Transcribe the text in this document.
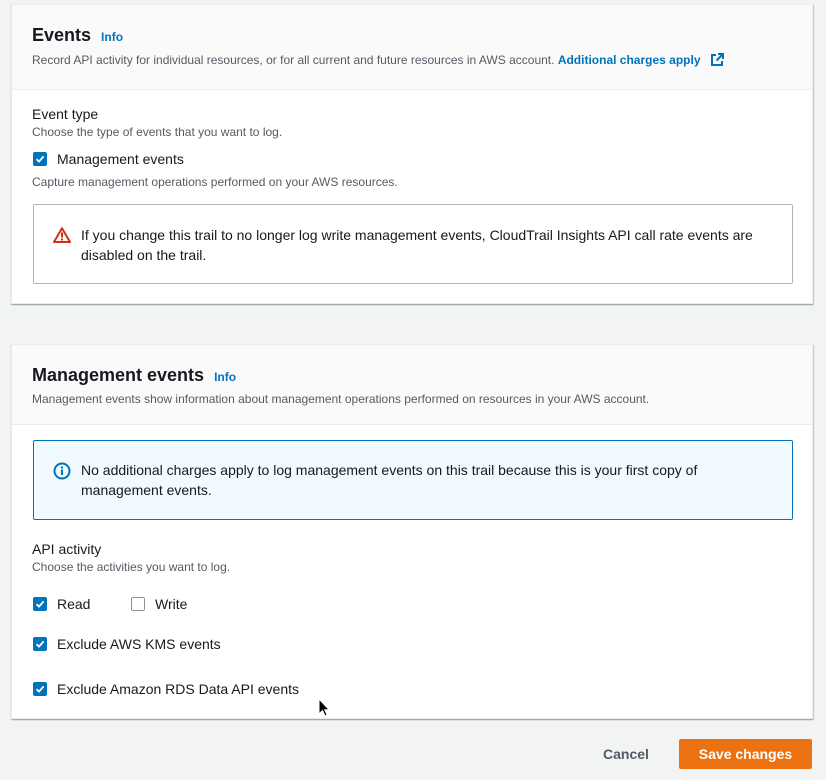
Events Info
Record API activity for individual resources, or for all current and future resources in AWS account. Additional charges apply
Event type
Choose the type of events that you want to log.
Management events
Capture management operations performed on your AWS resources.
If you change this trail to no longer log write management events, CloudTrail Insights API call rate events are disabled on the trail.
Management events Info
Management events show information about management operations performed on resources in your AWS account.
No additional charges apply to log management events on this trail because this is your first copy of management events.
API activity
Choose the activities you want to log.
Read	Write
Exclude AWS KMS events
Exclude Amazon RDS Data API events
Cancel	Save changes
